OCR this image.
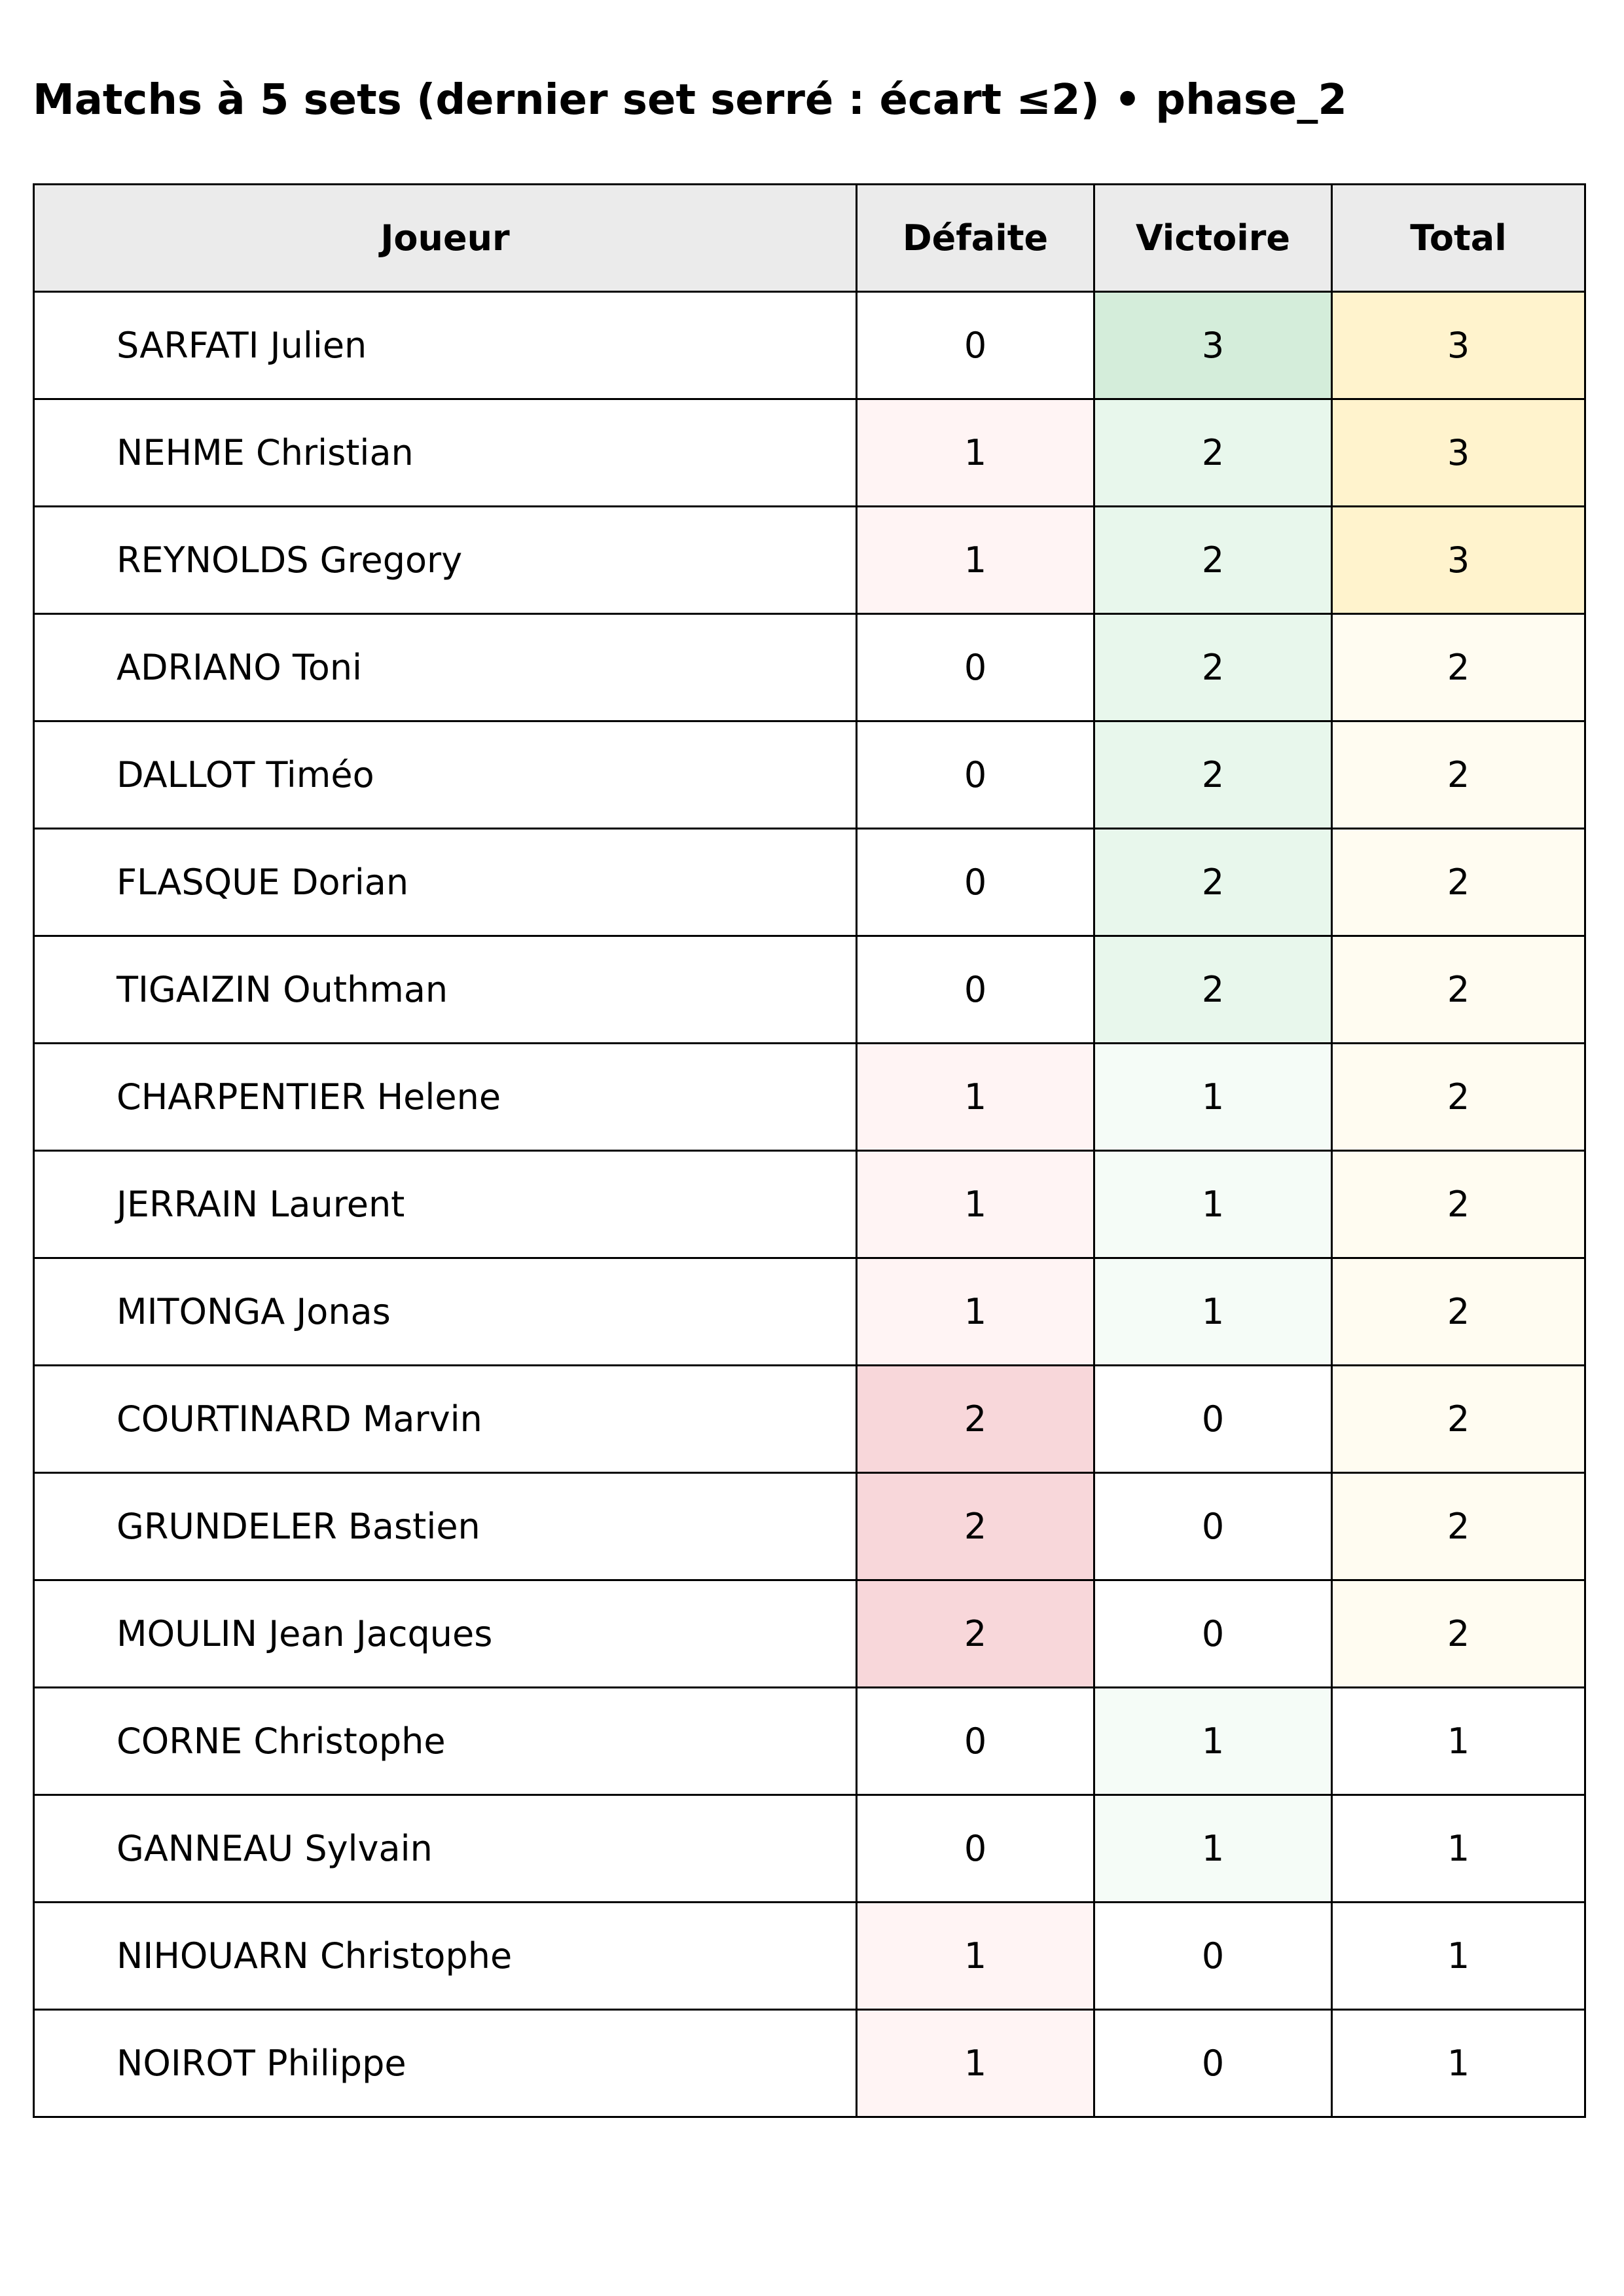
Matchs à 5 sets (dernier set serré : écart ≤2) • phase_2
Joueur	Défaite	Victoire	Total
SARFATI Julien	0	3	3
NEHME Christian	1	2	3
REYNOLDS Gregory	1	2	3
ADRIANO Toni	0	2	2
DALLOT Timéo	0	2	2
FLASQUE Dorian	0	2	2
TIGAIZIN Outhman	0	2	2
CHARPENTIER Helene	1	1	2
JERRAIN Laurent	1	1	2
MITONGA Jonas	1	1	2
COURTINARD Marvin	2	0	2
GRUNDELER Bastien	2	0	2
MOULIN Jean Jacques	2	0	2
CORNE Christophe	0	1	1
GANNEAU Sylvain	0	1	1
NIHOUARN Christophe	1	0	1
NOIROT Philippe	1	0	1
